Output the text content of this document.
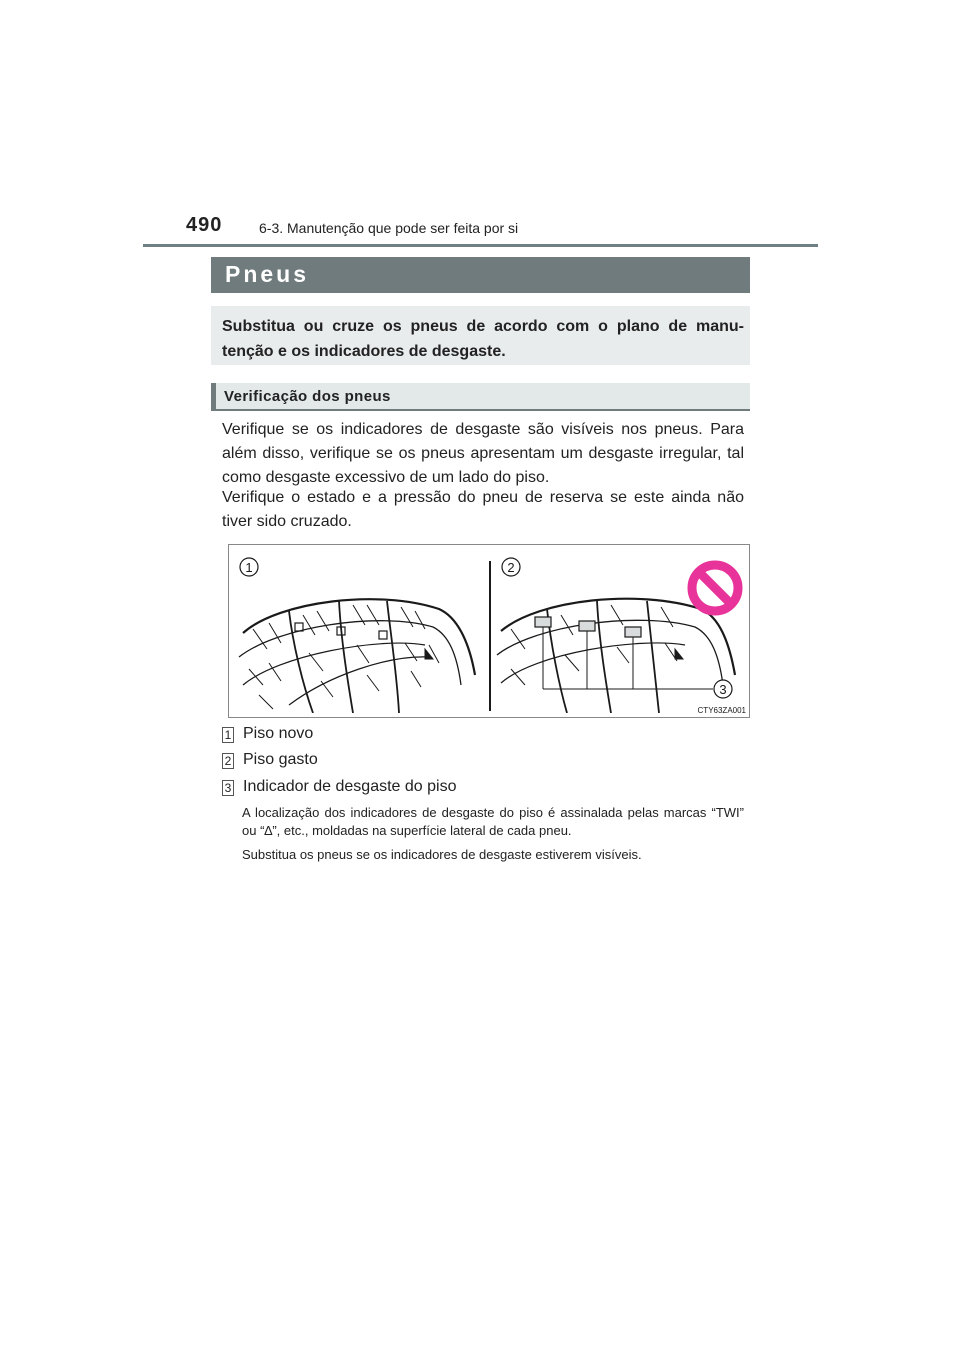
490	6-3. Manutenção que pode ser feita por si
Pneus
Substitua ou cruze os pneus de acordo com o plano de manu-tenção e os indicadores de desgaste.
Verificação dos pneus

Verifique se os indicadores de desgaste são visíveis nos pneus. Para além disso, verifique se os pneus apresentam um desgaste irregular, tal como desgaste excessivo de um lado do piso.

Verifique o estado e a pressão do pneu de reserva se este ainda não tiver sido cruzado.

1	2
3
CTY63ZA001
1 Piso novo
2 Piso gasto
3 Indicador de desgaste do piso

A localização dos indicadores de desgaste do piso é assinalada pelas marcas “TWI” ou “∆”, etc., moldadas na superfície lateral de cada pneu.

Substitua os pneus se os indicadores de desgaste estiverem visíveis.
